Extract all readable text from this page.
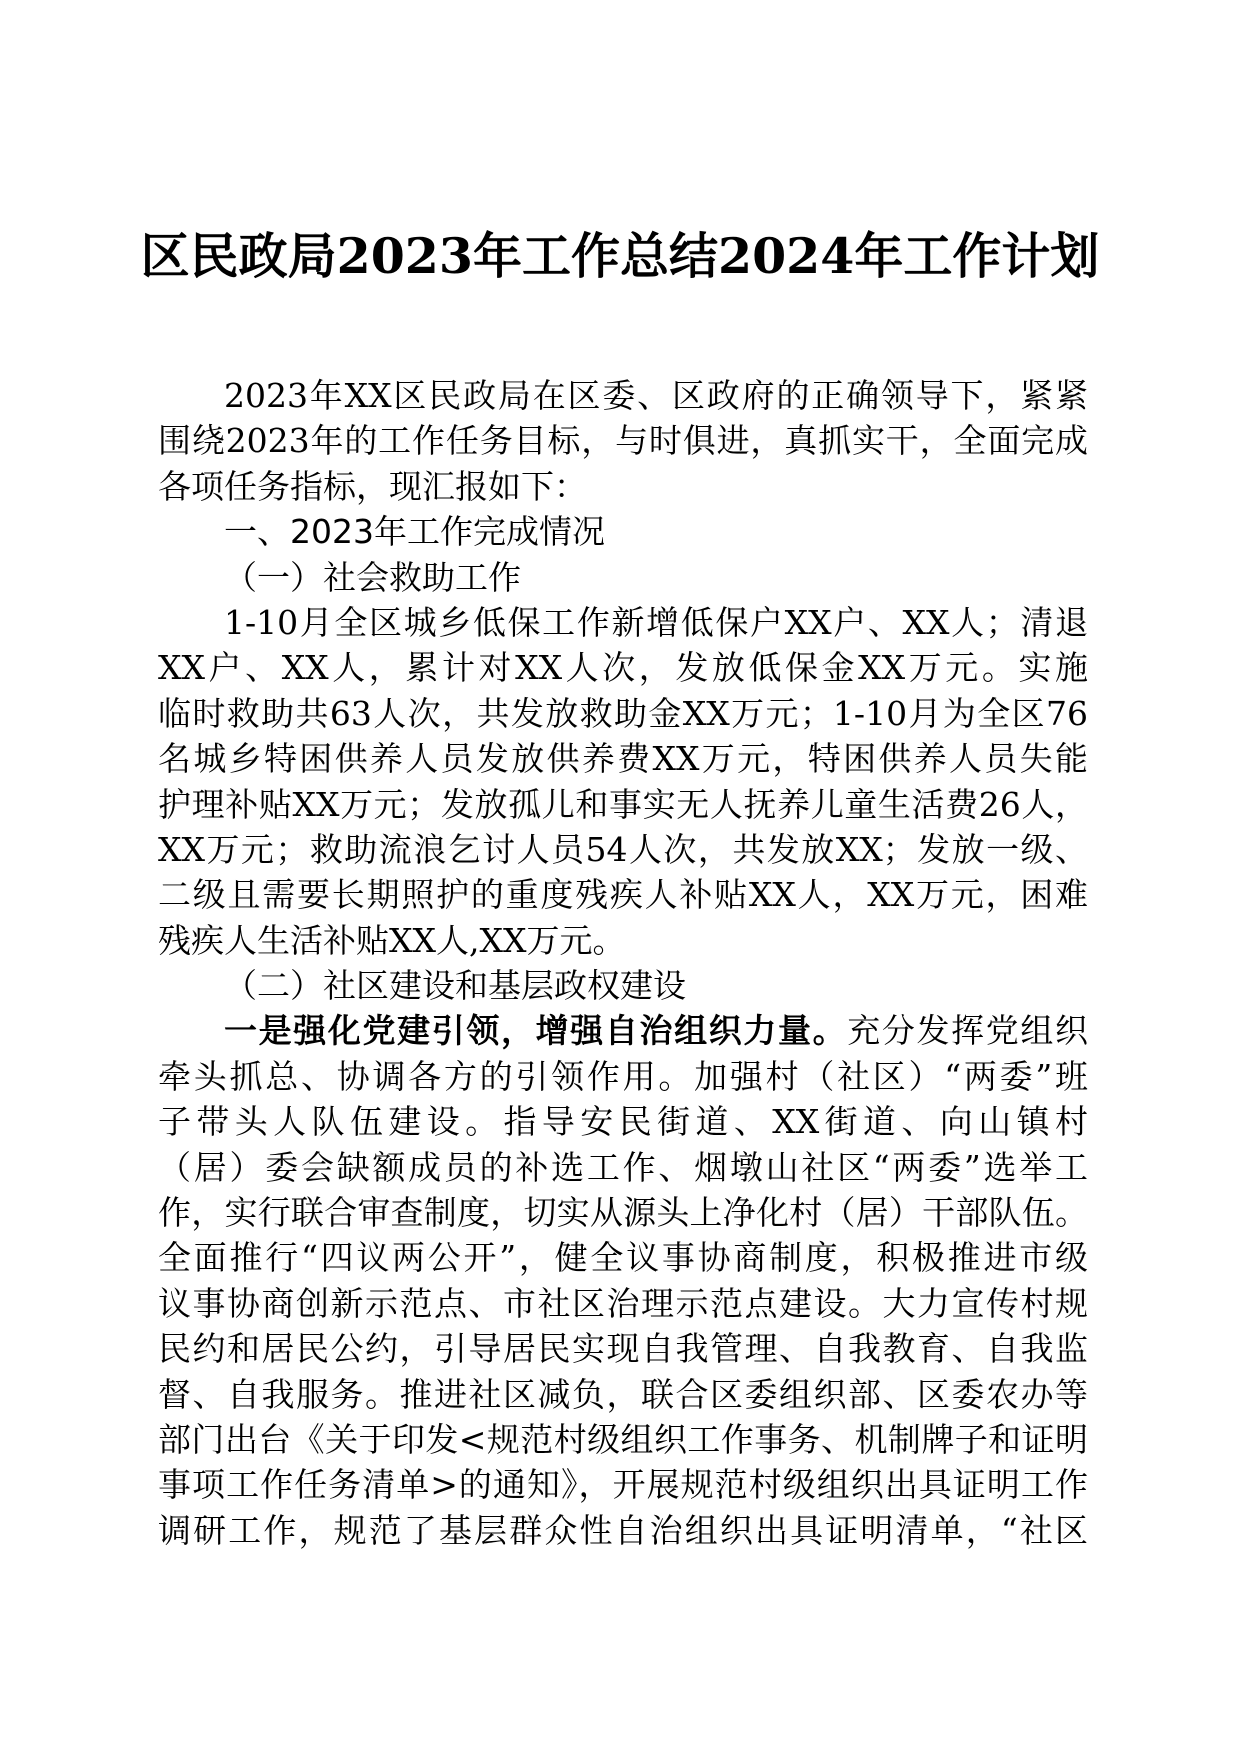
区民政局2023年工作总结2024年工作计划
2023年XX区民政局在区委、区政府的正确领导下，紧紧
围绕2023年的工作任务目标，与时俱进，真抓实干，全面完成
各项任务指标，现汇报如下：
一、2023年工作完成情况
（一）社会救助工作
1-10月全区城乡低保工作新增低保户XX户、XX人；清退
XX户、XX人，累计对XX人次，发放低保金XX万元。实施
临时救助共63人次，共发放救助金XX万元；1-10月为全区76
名城乡特困供养人员发放供养费XX万元，特困供养人员失能
护理补贴XX万元；发放孤儿和事实无人抚养儿童生活费26人，
XX万元；救助流浪乞讨人员54人次，共发放XX；发放一级、
二级且需要长期照护的重度残疾人补贴XX人，XX万元，困难
残疾人生活补贴XX人,XX万元。
（二）社区建设和基层政权建设
一是强化党建引领，增强自治组织力量。充分发挥党组织
牵头抓总、协调各方的引领作用。加强村（社区）“两委”班
子带头人队伍建设。指导安民街道、XX街道、向山镇村
（居）委会缺额成员的补选工作、烟墩山社区“两委”选举工
作，实行联合审查制度，切实从源头上净化村（居）干部队伍。
全面推行“四议两公开”，健全议事协商制度，积极推进市级
议事协商创新示范点、市社区治理示范点建设。大力宣传村规
民约和居民公约，引导居民实现自我管理、自我教育、自我监
督、自我服务。推进社区减负，联合区委组织部、区委农办等
部门出台《关于印发<规范村级组织工作事务、机制牌子和证明
事项工作任务清单>的通知》，开展规范村级组织出具证明工作
调研工作，规范了基层群众性自治组织出具证明清单，“社区
